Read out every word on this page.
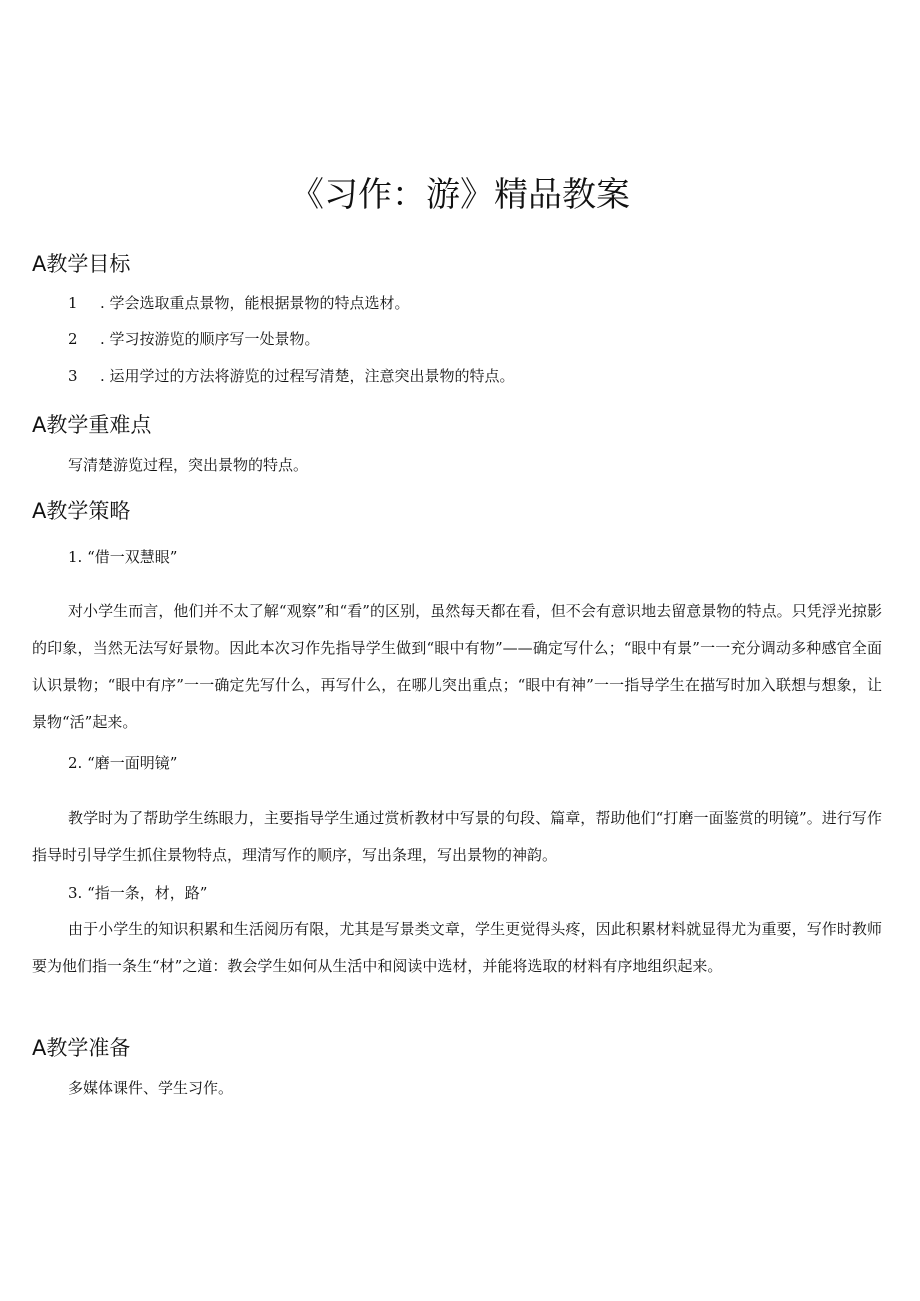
《习作：游》精品教案
A教学目标

1 . 学会选取重点景物，能根据景物的特点选材。

2 . 学习按游览的顺序写一处景物。

3 . 运用学过的方法将游览的过程写清楚，注意突出景物的特点。

A教学重难点

写清楚游览过程，突出景物的特点。

A教学策略

1. “借一双慧眼”

对小学生而言，他们并不太了解“观察”和“看”的区别，虽然每天都在看，但不会有意识地去留意景物的特点。只凭浮光掠影的印象，当然无法写好景物。因此本次习作先指导学生做到“眼中有物”——确定写什么；“眼中有景”一一充分调动多种感官全面认识景物；“眼中有序”一一确定先写什么，再写什么，在哪儿突出重点；“眼中有神”一一指导学生在描写时加入联想与想象，让景物“活”起来。

2. “磨一面明镜”

教学时为了帮助学生练眼力，主要指导学生通过赏析教材中写景的句段、篇章，帮助他们“打磨一面鉴赏的明镜”。进行写作指导时引导学生抓住景物特点，理清写作的顺序，写出条理，写出景物的神韵。

3. “指一条，材，路”

由于小学生的知识积累和生活阅历有限，尤其是写景类文章，学生更觉得头疼，因此积累材料就显得尤为重要，写作时教师要为他们指一条生“材”之道：教会学生如何从生活中和阅读中选材，并能将选取的材料有序地组织起来。

A教学准备

多媒体课件、学生习作。
